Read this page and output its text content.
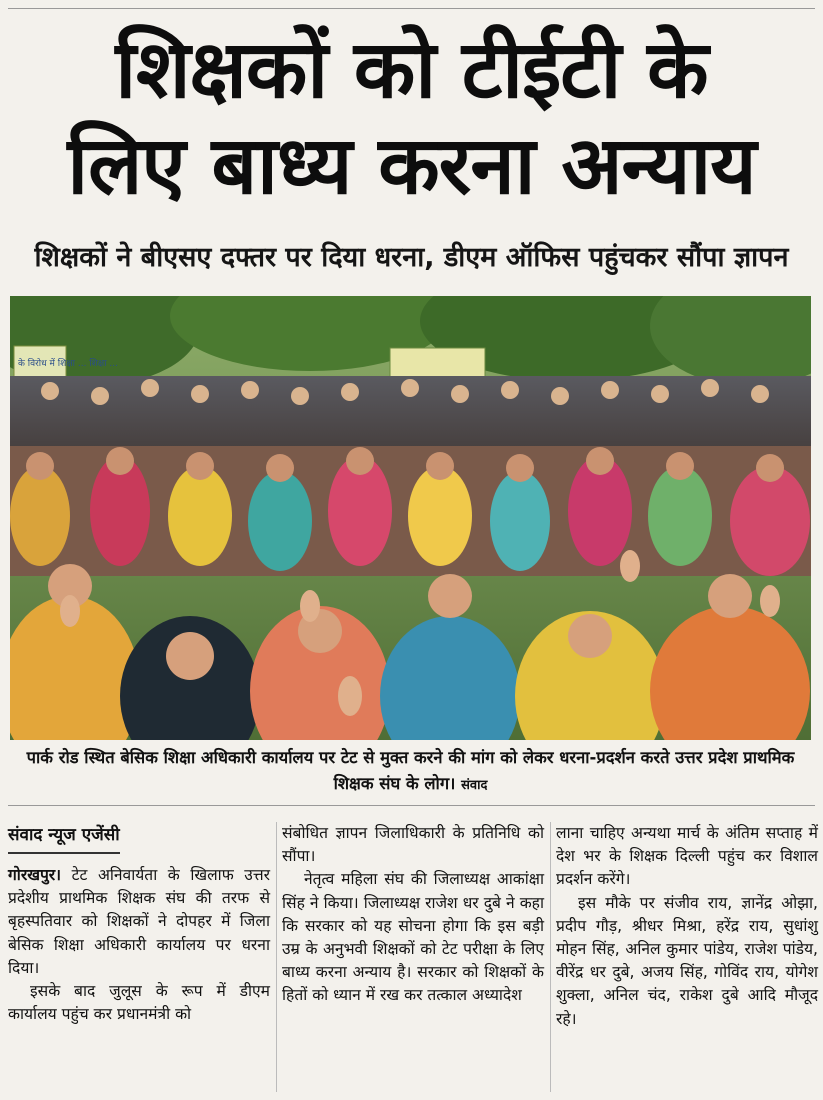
शिक्षकों को टीईटी के
लिए बाध्य करना अन्याय
शिक्षकों ने बीएसए दफ्तर पर दिया धरना, डीएम ऑफिस पहुंचकर सौंपा ज्ञापन
के विरोध में शिक्षा ... शिक्षा ...
पार्क रोड स्थित बेसिक शिक्षा अधिकारी कार्यालय पर टेट से मुक्त करने की मांग को लेकर धरना-प्रदर्शन करते उत्तर प्रदेश प्राथमिक शिक्षक संघ के लोग। संवाद
संवाद न्यूज एजेंसी

गोरखपुर। टेट अनिवार्यता के खिलाफ उत्तर प्रदेशीय प्राथमिक शिक्षक संघ की तरफ से बृहस्पतिवार को शिक्षकों ने दोपहर में जिला बेसिक शिक्षा अधिकारी कार्यालय पर धरना दिया।

इसके बाद जुलूस के रूप में डीएम कार्यालय पहुंच कर प्रधानमंत्री को

संबोधित ज्ञापन जिलाधिकारी के प्रतिनिधि को सौंपा।

नेतृत्व महिला संघ की जिलाध्यक्ष आकांक्षा सिंह ने किया। जिलाध्यक्ष राजेश धर दुबे ने कहा कि सरकार को यह सोचना होगा कि इस बड़ी उम्र के अनुभवी शिक्षकों को टेट परीक्षा के लिए बाध्य करना अन्याय है। सरकार को शिक्षकों के हितों को ध्यान में रख कर तत्काल अध्यादेश

लाना चाहिए अन्यथा मार्च के अंतिम सप्ताह में देश भर के शिक्षक दिल्ली पहुंच कर विशाल प्रदर्शन करेंगे।

इस मौके पर संजीव राय, ज्ञानेंद्र ओझा, प्रदीप गौड़, श्रीधर मिश्रा, हरेंद्र राय, सुधांशु मोहन सिंह, अनिल कुमार पांडेय, राजेश पांडेय, वीरेंद्र धर दुबे, अजय सिंह, गोविंद राय, योगेश शुक्ला, अनिल चंद, राकेश दुबे आदि मौजूद रहे।
